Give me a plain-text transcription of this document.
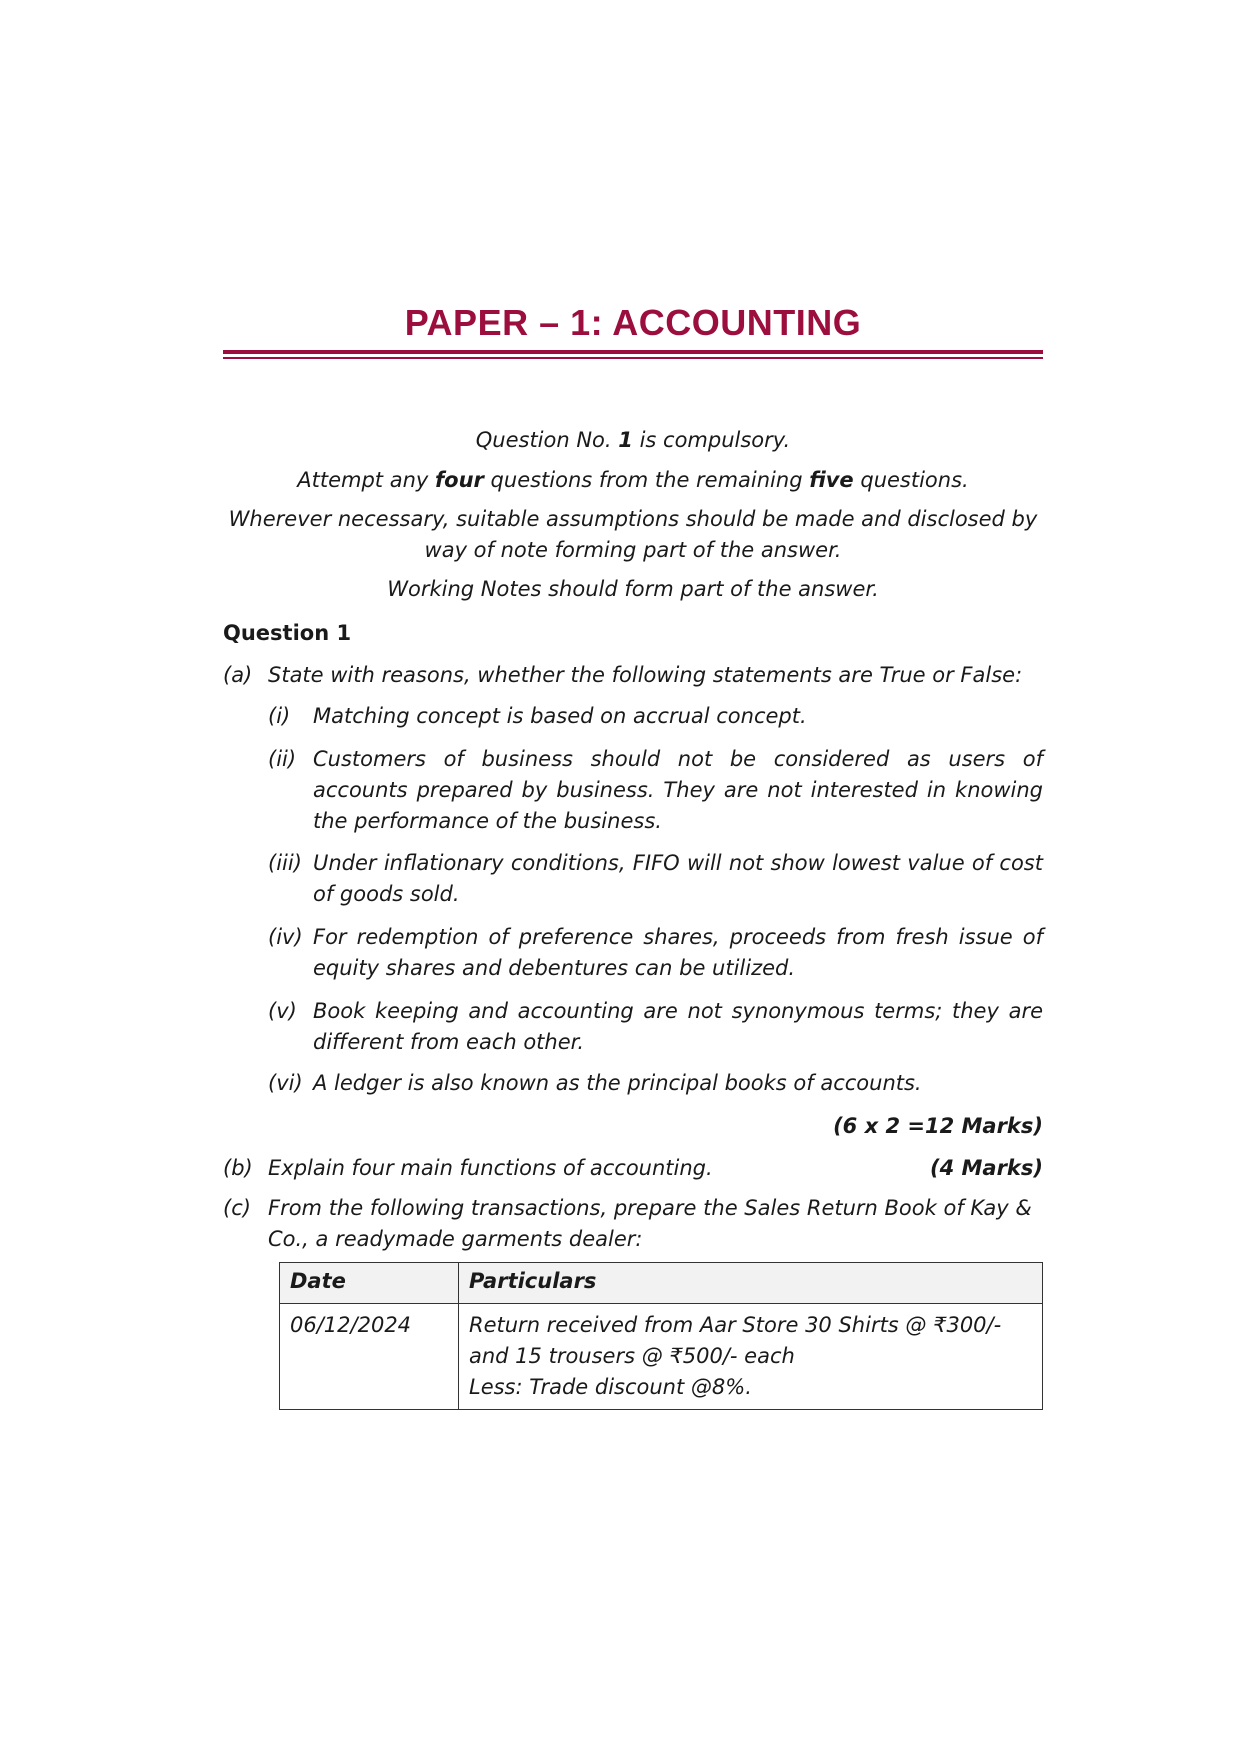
PAPER – 1: ACCOUNTING
Question No. 1 is compulsory.
Attempt any four questions from the remaining five questions.
Wherever necessary, suitable assumptions should be made and disclosed by way of note forming part of the answer.
Working Notes should form part of the answer.
Question 1
(a) State with reasons, whether the following statements are True or False:
(i) Matching concept is based on accrual concept.
(ii) Customers of business should not be considered as users of accounts prepared by business. They are not interested in knowing the performance of the business.
(iii) Under inflationary conditions, FIFO will not show lowest value of cost of goods sold.
(iv) For redemption of preference shares, proceeds from fresh issue of equity shares and debentures can be utilized.
(v) Book keeping and accounting are not synonymous terms; they are different from each other.
(vi) A ledger is also known as the principal books of accounts.
(6 x 2 =12 Marks)
(b) Explain four main functions of accounting.	(4 Marks)
(c) From the following transactions, prepare the Sales Return Book of Kay & Co., a readymade garments dealer:
Date	Particulars
06/12/2024	Return received from Aar Store 30 Shirts @ ₹300/- and 15 trousers @ ₹500/- each
Less: Trade discount @8%.
